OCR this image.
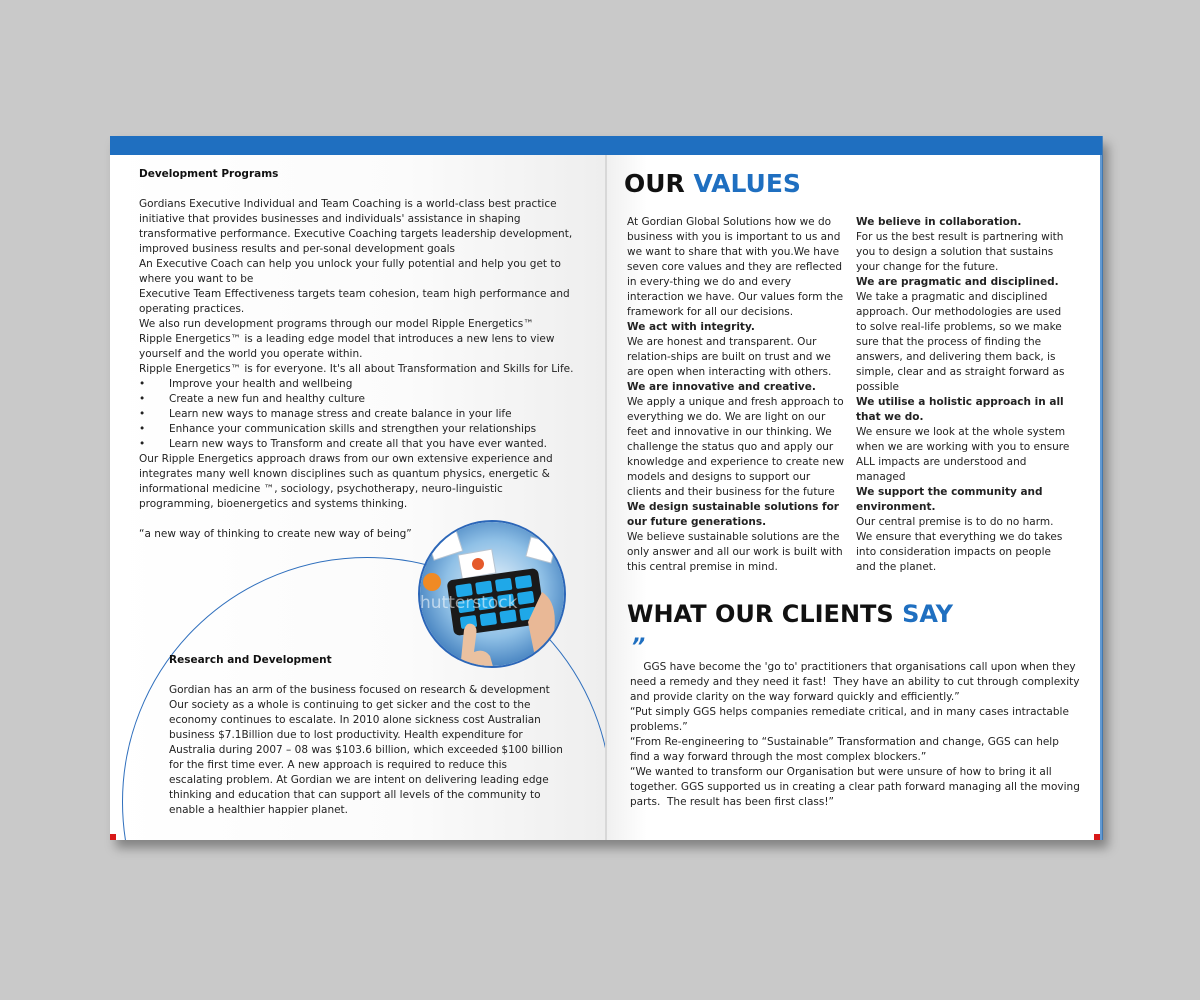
Development Programs

Gordians Executive Individual and Team Coaching is a world-class best practice initiative that provides businesses and individuals' assistance in shaping transformative performance. Executive Coaching targets leadership development, improved business results and per-sonal development goals

An Executive Coach can help you unlock your fully potential and help you get to where you want to be

Executive Team Effectiveness targets team cohesion, team high performance and operating practices.

We also run development programs through our model Ripple Energetics™

Ripple Energetics™ is a leading edge model that introduces a new lens to view yourself and the world you operate within.

Ripple Energetics™ is for everyone. It's all about Transformation and Skills for Life.

• Improve your health and wellbeing
• Create a new fun and healthy culture
• Learn new ways to manage stress and create balance in your life
• Enhance your communication skills and strengthen your relationships
• Learn new ways to Transform and create all that you have ever wanted.

Our Ripple Energetics approach draws from our own extensive experience and integrates many well known disciplines such as quantum physics, energetic & informational medicine ™, sociology, psychotherapy, neuro-linguistic programming, bioenergetics and systems thinking.

“a new way of thinking to create new way of being”

hutterstock

Research and Development

Gordian has an arm of the business focused on research & development Our society as a whole is continuing to get sicker and the cost to the economy continues to escalate. In 2010 alone sickness cost Australian business $7.1Billion due to lost productivity. Health expenditure for Australia during 2007 – 08 was $103.6 billion, which exceeded $100 billion for the first time ever. A new approach is required to reduce this escalating problem. At Gordian we are intent on delivering leading edge thinking and education that can support all levels of the community to enable a healthier happier planet.

OUR VALUES
At Gordian Global Solutions how we do business with you is important to us and we want to share that with you.We have seven core values and they are reflected in every-thing we do and every interaction we have. Our values form the framework for all our decisions.
We act with integrity.
We are honest and transparent. Our relation-ships are built on trust and we are open when interacting with others.
We are innovative and creative.
We apply a unique and fresh approach to everything we do. We are light on our feet and innovative in our thinking. We challenge the status quo and apply our knowledge and experience to create new models and designs to support our clients and their business for the future
We design sustainable solutions for our future generations.
We believe sustainable solutions are the only answer and all our work is built with this central premise in mind.
We believe in collaboration.
For us the best result is partnering with you to design a solution that sustains your change for the future.
We are pragmatic and disciplined.
We take a pragmatic and disciplined approach. Our methodologies are used to solve real-life problems, so we make sure that the process of finding the answers, and delivering them back, is simple, clear and as straight forward as possible
We utilise a holistic approach in all that we do.
We ensure we look at the whole system when we are working with you to ensure ALL impacts are understood and managed
We support the community and environment.
Our central premise is to do no harm. We ensure that everything we do takes into consideration impacts on people and the planet.
WHAT OUR CLIENTS SAY
”
GGS have become the 'go to' practitioners that organisations call upon when they need a remedy and they need it fast!  They have an ability to cut through complexity and provide clarity on the way forward quickly and efficiently.”
“Put simply GGS helps companies remediate critical, and in many cases intractable problems.”
“From Re-engineering to “Sustainable” Transformation and change, GGS can help find a way forward through the most complex blockers.”
“We wanted to transform our Organisation but were unsure of how to bring it all together. GGS supported us in creating a clear path forward managing all the moving parts.  The result has been first class!”
